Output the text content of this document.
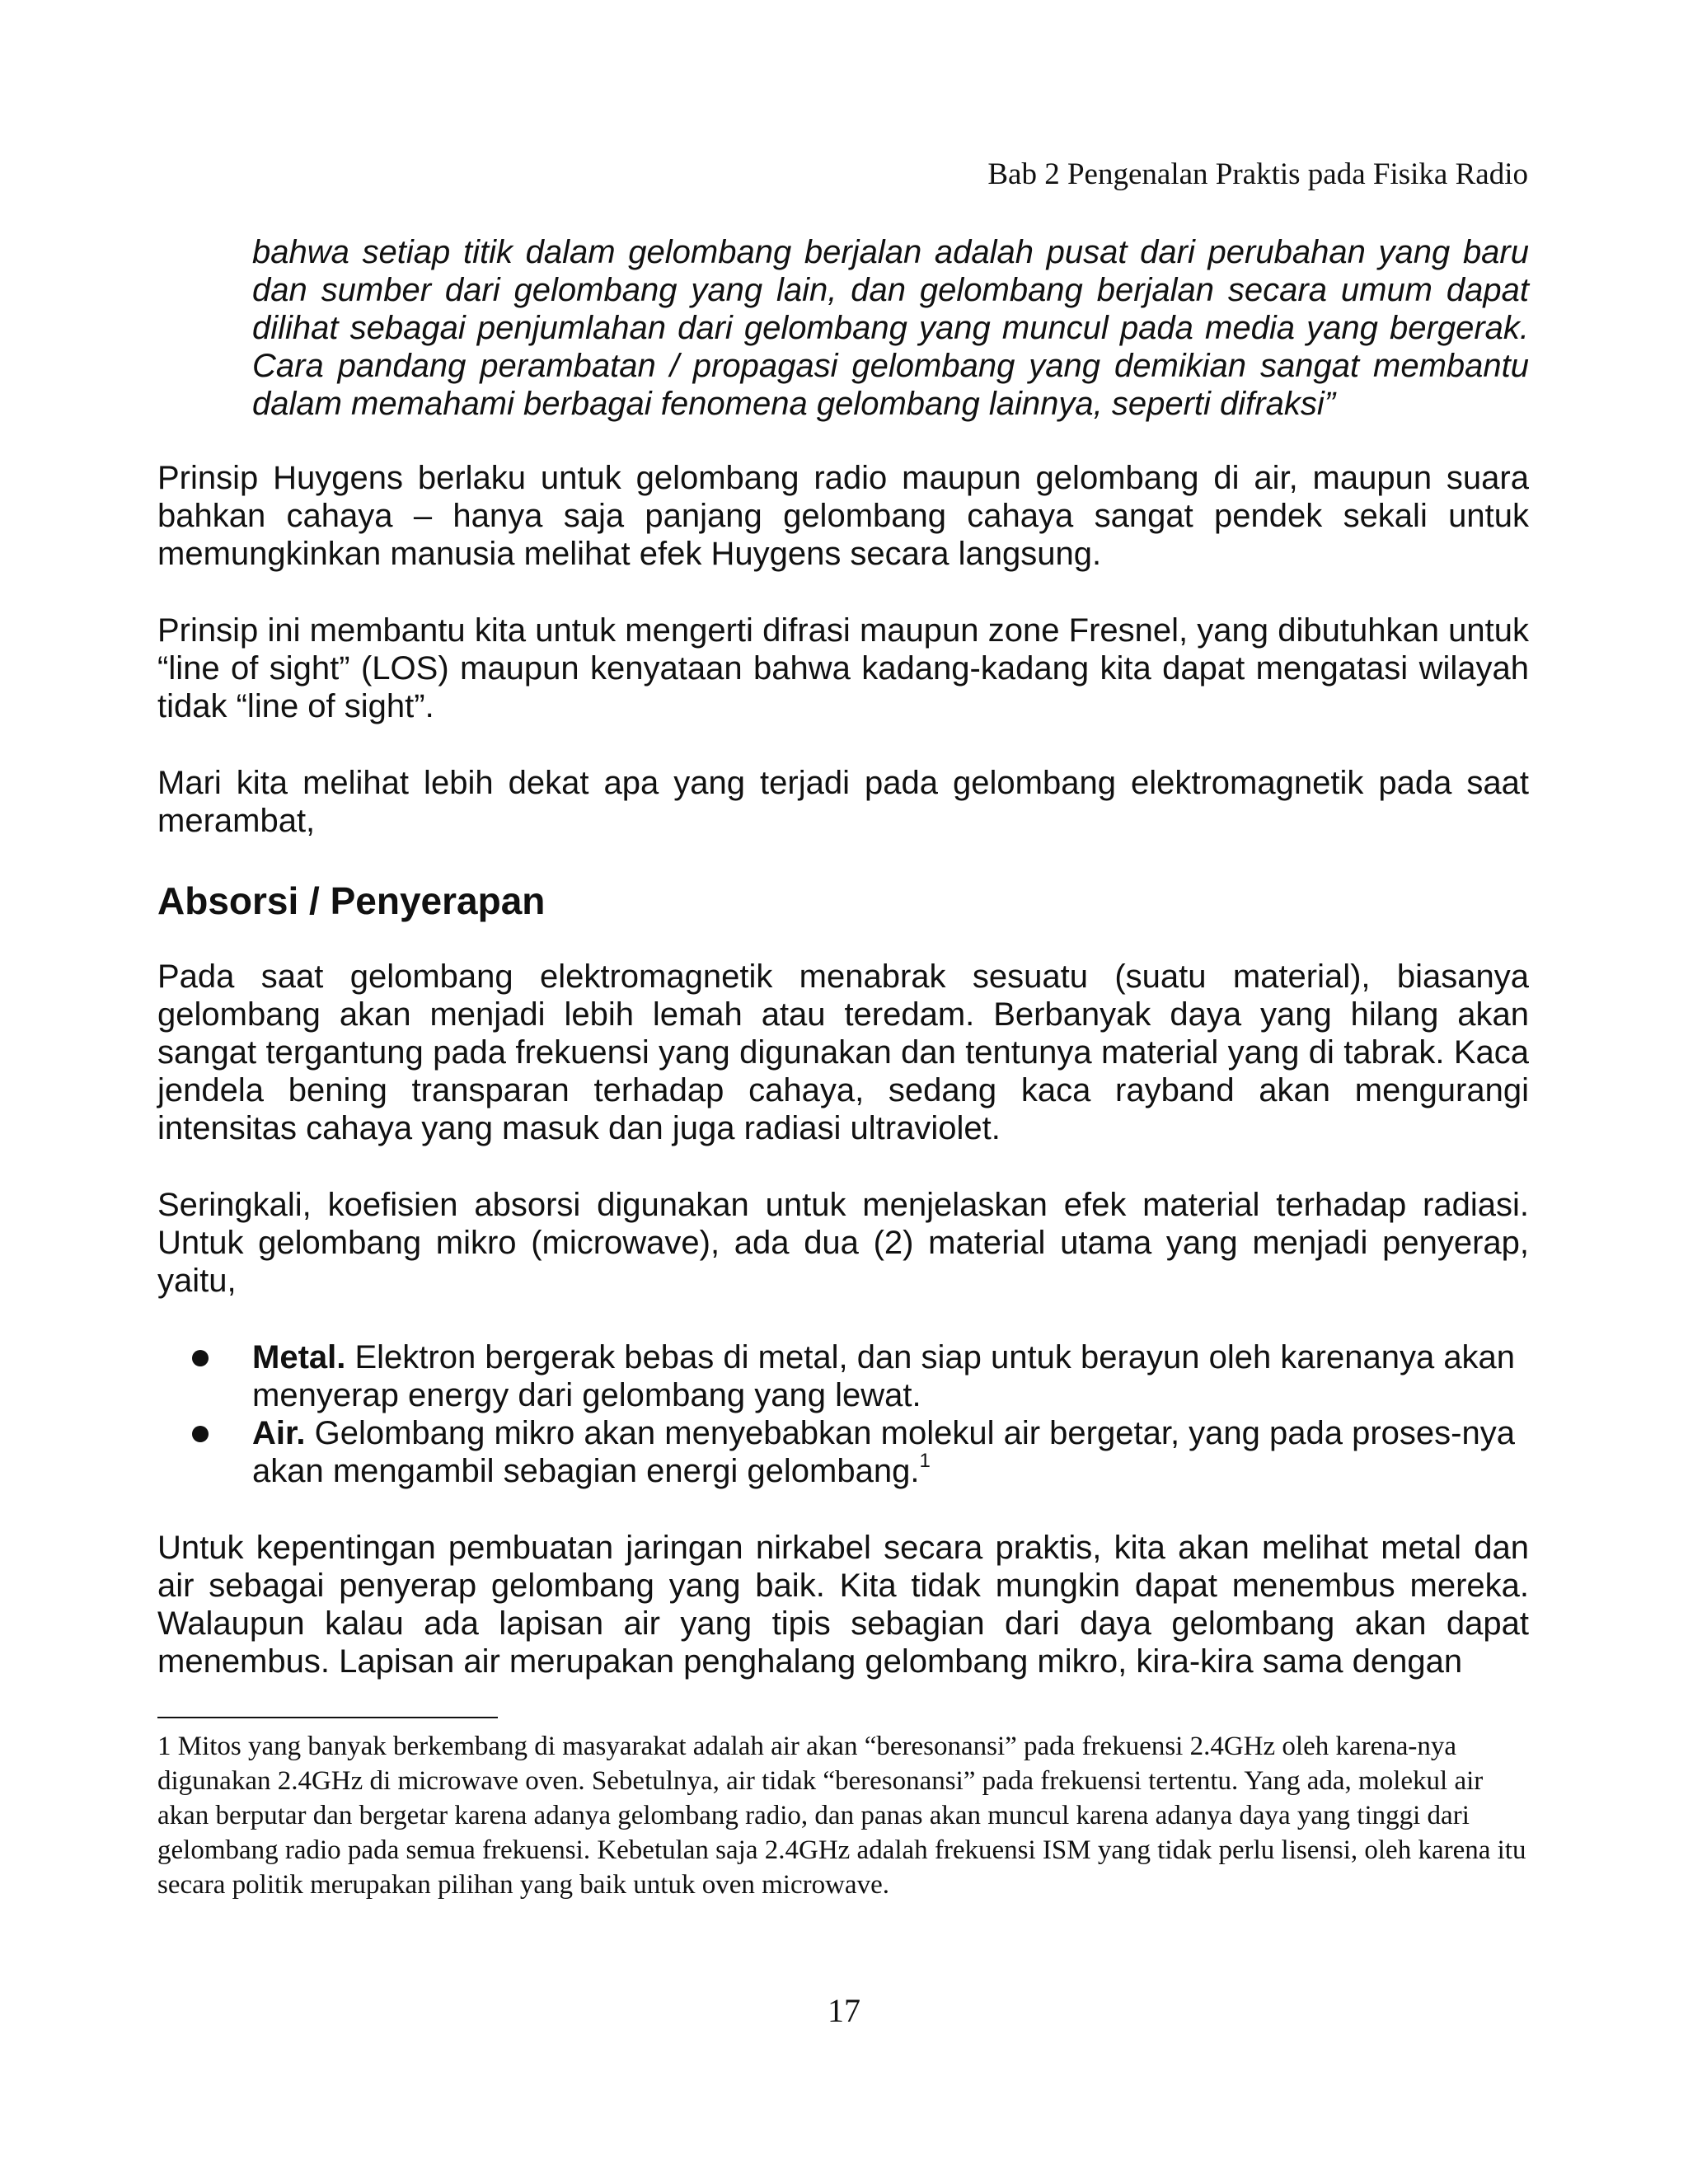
Bab 2 Pengenalan Praktis pada Fisika Radio

bahwa setiap titik dalam gelombang berjalan adalah pusat dari perubahan yang baru dan sumber dari gelombang yang lain, dan gelombang berjalan secara umum dapat dilihat sebagai penjumlahan dari gelombang yang muncul pada media yang bergerak. Cara pandang perambatan / propagasi gelombang yang demikian sangat membantu dalam memahami berbagai fenomena gelombang lainnya, seperti difraksi”

Prinsip Huygens berlaku untuk gelombang radio maupun gelombang di air, maupun suara bahkan cahaya – hanya saja panjang gelombang cahaya sangat pendek sekali untuk memungkinkan manusia melihat efek Huygens secara langsung.

Prinsip ini membantu kita untuk mengerti difrasi maupun zone Fresnel, yang dibutuhkan untuk “line of sight” (LOS) maupun kenyataan bahwa kadang-kadang kita dapat mengatasi wilayah tidak “line of sight”.

Mari kita melihat lebih dekat apa yang terjadi pada gelombang elektromagnetik pada saat merambat,

Absorsi / Penyerapan

Pada saat gelombang elektromagnetik menabrak sesuatu (suatu material), biasanya gelombang akan menjadi lebih lemah atau teredam. Berbanyak daya yang hilang akan sangat tergantung pada frekuensi yang digunakan dan tentunya material yang di tabrak. Kaca jendela bening transparan terhadap cahaya, sedang kaca rayband akan mengurangi intensitas cahaya yang masuk dan juga radiasi ultraviolet.

Seringkali, koefisien absorsi digunakan untuk menjelaskan efek material terhadap radiasi. Untuk gelombang mikro (microwave), ada dua (2) material utama yang menjadi penyerap, yaitu,

Metal. Elektron bergerak bebas di metal, dan siap untuk berayun oleh karenanya akan menyerap energy dari gelombang yang lewat.
Air. Gelombang mikro akan menyebabkan molekul air bergetar, yang pada proses-nya akan mengambil sebagian energi gelombang.$^1$

Untuk kepentingan pembuatan jaringan nirkabel secara praktis, kita akan melihat metal dan air sebagai penyerap gelombang yang baik. Kita tidak mungkin dapat menembus mereka. Walaupun kalau ada lapisan air yang tipis sebagian dari daya gelombang akan dapat menembus. Lapisan air merupakan penghalang gelombang mikro, kira-kira sama dengan

1 Mitos yang banyak berkembang di masyarakat adalah air akan “beresonansi” pada frekuensi 2.4GHz oleh karena-nya digunakan 2.4GHz di microwave oven. Sebetulnya, air tidak “beresonansi” pada frekuensi tertentu. Yang ada, molekul air akan berputar dan bergetar karena adanya gelombang radio, dan panas akan muncul karena adanya daya yang tinggi dari gelombang radio pada semua frekuensi. Kebetulan saja 2.4GHz adalah frekuensi ISM yang tidak perlu lisensi, oleh karena itu secara politik merupakan pilihan yang baik untuk oven microwave.
17
